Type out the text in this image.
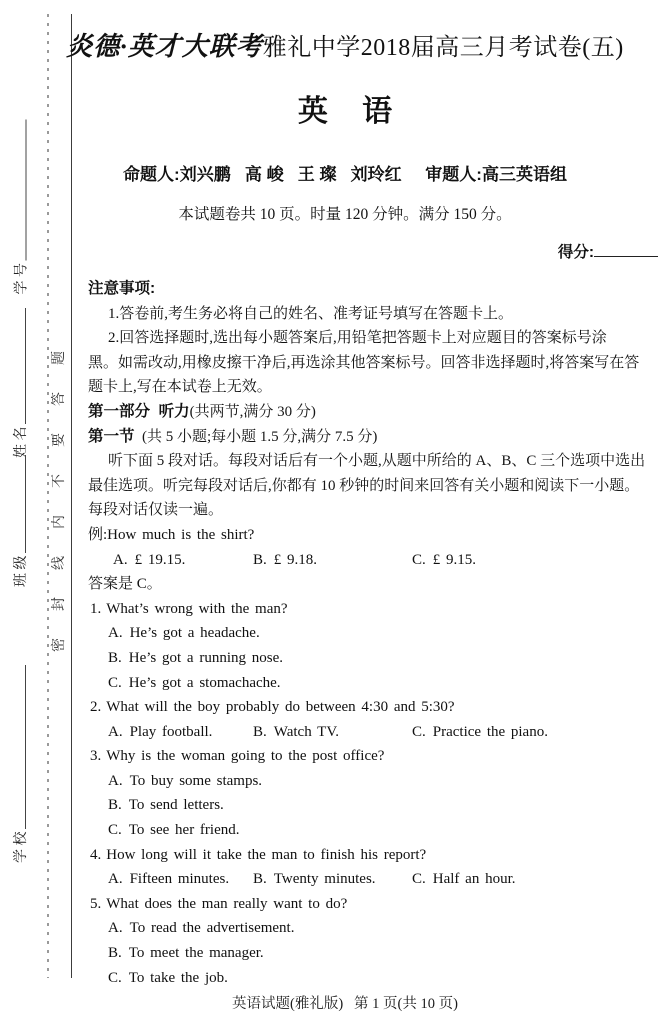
学 号
姓 名
班 级
学 校
密封线内不要答题
炎德·英才大联考雅礼中学2018届高三月考试卷(五)
英 语
命题人:刘兴鹏   高 峻   王 璨   刘玲红     审题人:高三英语组
本试题卷共 10 页。时量 120 分钟。满分 150 分。
得分:
注意事项:
1.答卷前,考生务必将自己的姓名、准考证号填写在答题卡上。
2.回答选择题时,选出每小题答案后,用铅笔把答题卡上对应题目的答案标号涂
黑。如需改动,用橡皮擦干净后,再选涂其他答案标号。回答非选择题时,将答案写在答
题卡上,写在本试卷上无效。
第一部分  听力(共两节,满分 30 分)
第一节 (共 5 小题;每小题 1.5 分,满分 7.5 分)
听下面 5 段对话。每段对话后有一个小题,从题中所给的 A、B、C 三个选项中选出
最佳选项。听完每段对话后,你都有 10 秒钟的时间来回答有关小题和阅读下一小题。
每段对话仅读一遍。
例:How much is the shirt?
A. £ 19.15.	B. £ 9.18.	C. £ 9.15.
答案是 C。
1. What’s wrong with the man?
A. He’s got a headache.
B. He’s got a running nose.
C. He’s got a stomachache.
2. What will the boy probably do between 4:30 and 5:30?
A. Play football.	B. Watch TV.	C. Practice the piano.
3. Why is the woman going to the post office?
A. To buy some stamps.
B. To send letters.
C. To see her friend.
4. How long will it take the man to finish his report?
A. Fifteen minutes.	B. Twenty minutes.	C. Half an hour.
5. What does the man really want to do?
A. To read the advertisement.
B. To meet the manager.
C. To take the job.
英语试题(雅礼版)   第 1 页(共 10 页)
